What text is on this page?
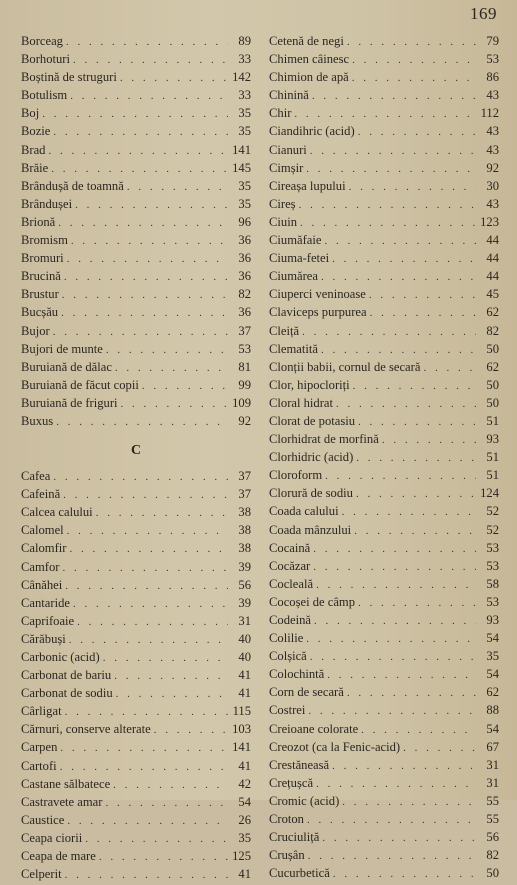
169
Borceag . . .	89
Borhoturi . . .	33
Boștină de struguri . . .	142
Botulism . . .	33
Boj . . .	35
Bozie . . .	35
Brad . . .	141
Brăie . . .	145
Brândușă de toamnă . . .	35
Brândușei . . .	35
Brionă . . .	96
Bromism . . .	36
Bromuri . . .	36
Brucină . . .	36
Brustur . . .	82
Bucșău . . .	36
Bujor . . .	37
Bujori de munte . . .	53
Buruiană de dălac . . .	81
Buruiană de făcut copii . . .	99
Buruiană de friguri . . .	109
Buxus . . .	92
C
Cafea . . .	37
Cafeină . . .	37
Calcea calului . . .	38
Calomel . . .	38
Calomfir . . .	38
Camfor . . .	39
Cânăhei . . .	56
Cantaride . . .	39
Caprifoaie . . .	31
Cărăbuși . . .	40
Carbonic (acid) . . .	40
Carbonat de bariu . . .	41
Carbonat de sodiu . . .	41
Cârligat . . .	115
Cărnuri, conserve alterate . . .	103
Carpen . . .	141
Cartofi . . .	41
Castane sălbatece . . .	42
Castravete amar . . .	54
Caustice . . .	26
Ceapa ciorii . . .	35
Ceapa de mare . . .	125
Celperit . . .	41
Cetenă de negi . . .	79
Chimen câinesc . . .	53
Chimion de apă . . .	86
Chinină . . .	43
Chir . . .	112
Ciandihric (acid) . . .	43
Cianuri . . .	43
Cimșir . . .	92
Cireașa lupului . . .	30
Cireș . . .	43
Ciuin . . .	123
Ciumăfaie . . .	44
Ciuma-fetei . . .	44
Ciumărea . . .	44
Ciuperci veninoase . . .	45
Claviceps purpurea . . .	62
Cleiță . . .	82
Clematită . . .	50
Clonții babii, cornul de secară . . .	62
Clor, hipocloriți . . .	50
Cloral hidrat . . .	50
Clorat de potasiu . . .	51
Clorhidrat de morfină . . .	93
Clorhidric (acid) . . .	51
Cloroform . . .	51
Clorură de sodiu . . .	124
Coada calului . . .	52
Coada mânzului . . .	52
Cocaină . . .	53
Cocăzar . . .	53
Cocleală . . .	58
Cocoșei de câmp . . .	53
Codeină . . .	93
Colilie . . .	54
Colșică . . .	35
Colochintă . . .	54
Corn de secară . . .	62
Costrei . . .	88
Creioane colorate . . .	54
Creozot (ca la Fenic-acid) . . .	67
Crestăneasă . . .	31
Crețușcă . . .	31
Cromic (acid) . . .	55
Croton . . .	55
Cruciuliță . . .	56
Crușân . . .	82
Cucurbetică . . .	50
